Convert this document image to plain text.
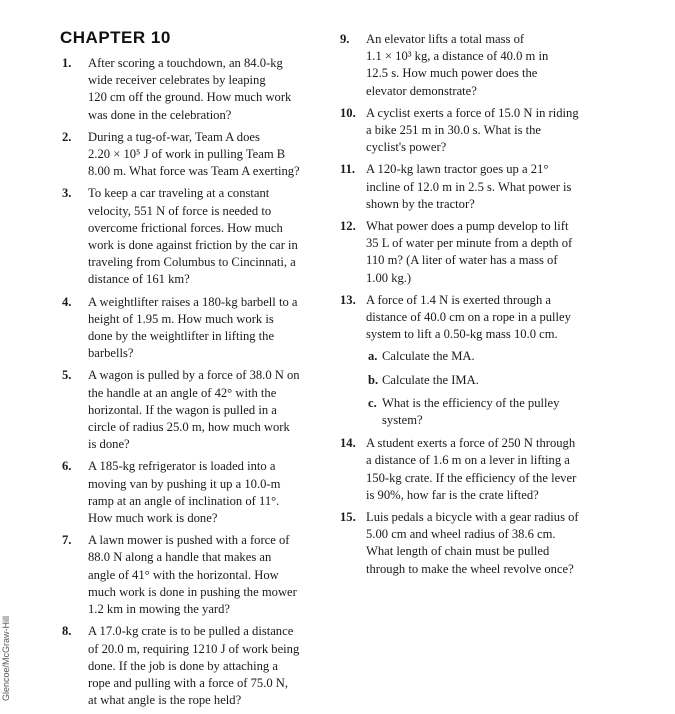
CHAPTER 10
1.	After scoring a touchdown, an 84.0-kg
wide receiver celebrates by leaping
120 cm off the ground. How much work
was done in the celebration?
2.	During a tug-of-war, Team A does
2.20 × 10⁵ J of work in pulling Team B
8.00 m. What force was Team A exerting?
3.	To keep a car traveling at a constant
velocity, 551 N of force is needed to
overcome frictional forces. How much
work is done against friction by the car in
traveling from Columbus to Cincinnati, a
distance of 161 km?
4.	A weightlifter raises a 180-kg barbell to a
height of 1.95 m. How much work is
done by the weightlifter in lifting the
barbells?
5.	A wagon is pulled by a force of 38.0 N on
the handle at an angle of 42° with the
horizontal. If the wagon is pulled in a
circle of radius 25.0 m, how much work
is done?
6.	A 185-kg refrigerator is loaded into a
moving van by pushing it up a 10.0-m
ramp at an angle of inclination of 11°.
How much work is done?
7.	A lawn mower is pushed with a force of
88.0 N along a handle that makes an
angle of 41° with the horizontal. How
much work is done in pushing the mower
1.2 km in mowing the yard?
8.	A 17.0-kg crate is to be pulled a distance
of 20.0 m, requiring 1210 J of work being
done. If the job is done by attaching a
rope and pulling with a force of 75.0 N,
at what angle is the rope held?
9.	An elevator lifts a total mass of
1.1 × 10³ kg, a distance of 40.0 m in
12.5 s. How much power does the
elevator demonstrate?
10. A cyclist exerts a force of 15.0 N in riding
a bike 251 m in 30.0 s. What is the
cyclist's power?
11. A 120-kg lawn tractor goes up a 21°
incline of 12.0 m in 2.5 s. What power is
shown by the tractor?
12. What power does a pump develop to lift
35 L of water per minute from a depth of
110 m? (A liter of water has a mass of
1.00 kg.)
13. A force of 1.4 N is exerted through a
distance of 40.0 cm on a rope in a pulley
system to lift a 0.50-kg mass 10.0 cm.
a. Calculate the MA.
b. Calculate the IMA.
c. What is the efficiency of the pulley
system?
14. A student exerts a force of 250 N through
a distance of 1.6 m on a lever in lifting a
150-kg crate. If the efficiency of the lever
is 90%, how far is the crate lifted?
15. Luis pedals a bicycle with a gear radius of
5.00 cm and wheel radius of 38.6 cm.
What length of chain must be pulled
through to make the wheel revolve once?
Glencoe/McGraw-Hill
